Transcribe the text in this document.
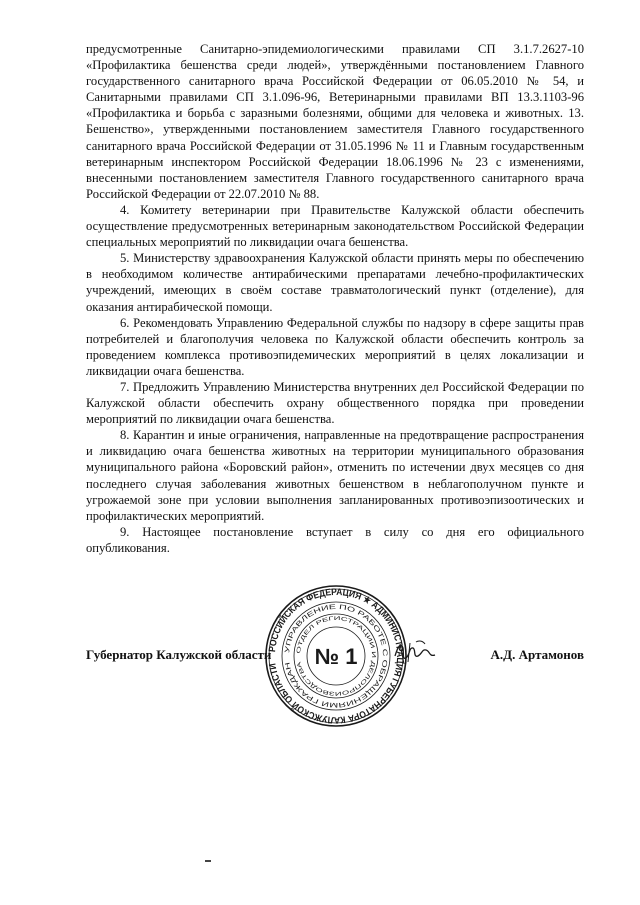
предусмотренные Санитарно-эпидемиологическими правилами СП 3.1.7.2627-10 «Профилактика бешенства среди людей», утверждёнными постановлением Главного государственного санитарного врача Российской Федерации от 06.05.2010 № 54, и Санитарными правилами СП 3.1.096-96, Ветеринарными правилами ВП 13.3.1103-96 «Профилактика и борьба с заразными болезнями, общими для человека и животных. 13. Бешенство», утвержденными постановлением заместителя Главного государственного санитарного врача Российской Федерации от 31.05.1996 № 11 и Главным государственным ветеринарным инспектором Российской Федерации 18.06.1996 № 23 с изменениями, внесенными постановлением заместителя Главного государственного санитарного врача Российской Федерации от 22.07.2010 № 88.

4. Комитету ветеринарии при Правительстве Калужской области обеспечить осуществление предусмотренных ветеринарным законодательством Российской Федерации специальных мероприятий по ликвидации очага бешенства.

5. Министерству здравоохранения Калужской области принять меры по обеспечению в необходимом количестве антирабическими препаратами лечебно-профилактических учреждений, имеющих в своём составе травматологический пункт (отделение), для оказания антирабической помощи.

6. Рекомендовать Управлению Федеральной службы по надзору в сфере защиты прав потребителей и благополучия человека по Калужской области обеспечить контроль за проведением комплекса противоэпидемических мероприятий в целях локализации и ликвидации очага бешенства.

7. Предложить Управлению Министерства внутренних дел Российской Федерации по Калужской области обеспечить охрану общественного порядка при проведении мероприятий по ликвидации очага бешенства.

8. Карантин и иные ограничения, направленные на предотвращение распространения и ликвидацию очага бешенства животных на территории муниципального образования муниципального района «Боровский район», отменить по истечении двух месяцев со дня последнего случая заболевания животных бешенством в неблагополучном пункте и угрожаемой зоне при условии выполнения запланированных противоэпизоотических и профилактических мероприятий.

9. Настоящее постановление вступает в силу со дня его официального опубликования.

Губернатор Калужской области	А.Д. Артамонов
РОССИЙСКАЯ ФЕДЕРАЦИЯ ★ АДМИНИСТРАЦИЯ ГУБЕРНАТОРА КАЛУЖСКОЙ ОБЛАСТИ
УПРАВЛЕНИЕ ПО РАБОТЕ С ОБРАЩЕНИЯМИ ГРАЖДАН
ОТДЕЛ РЕГИСТРАЦИИ И ДЕЛОПРОИЗВОДСТВА № 1
